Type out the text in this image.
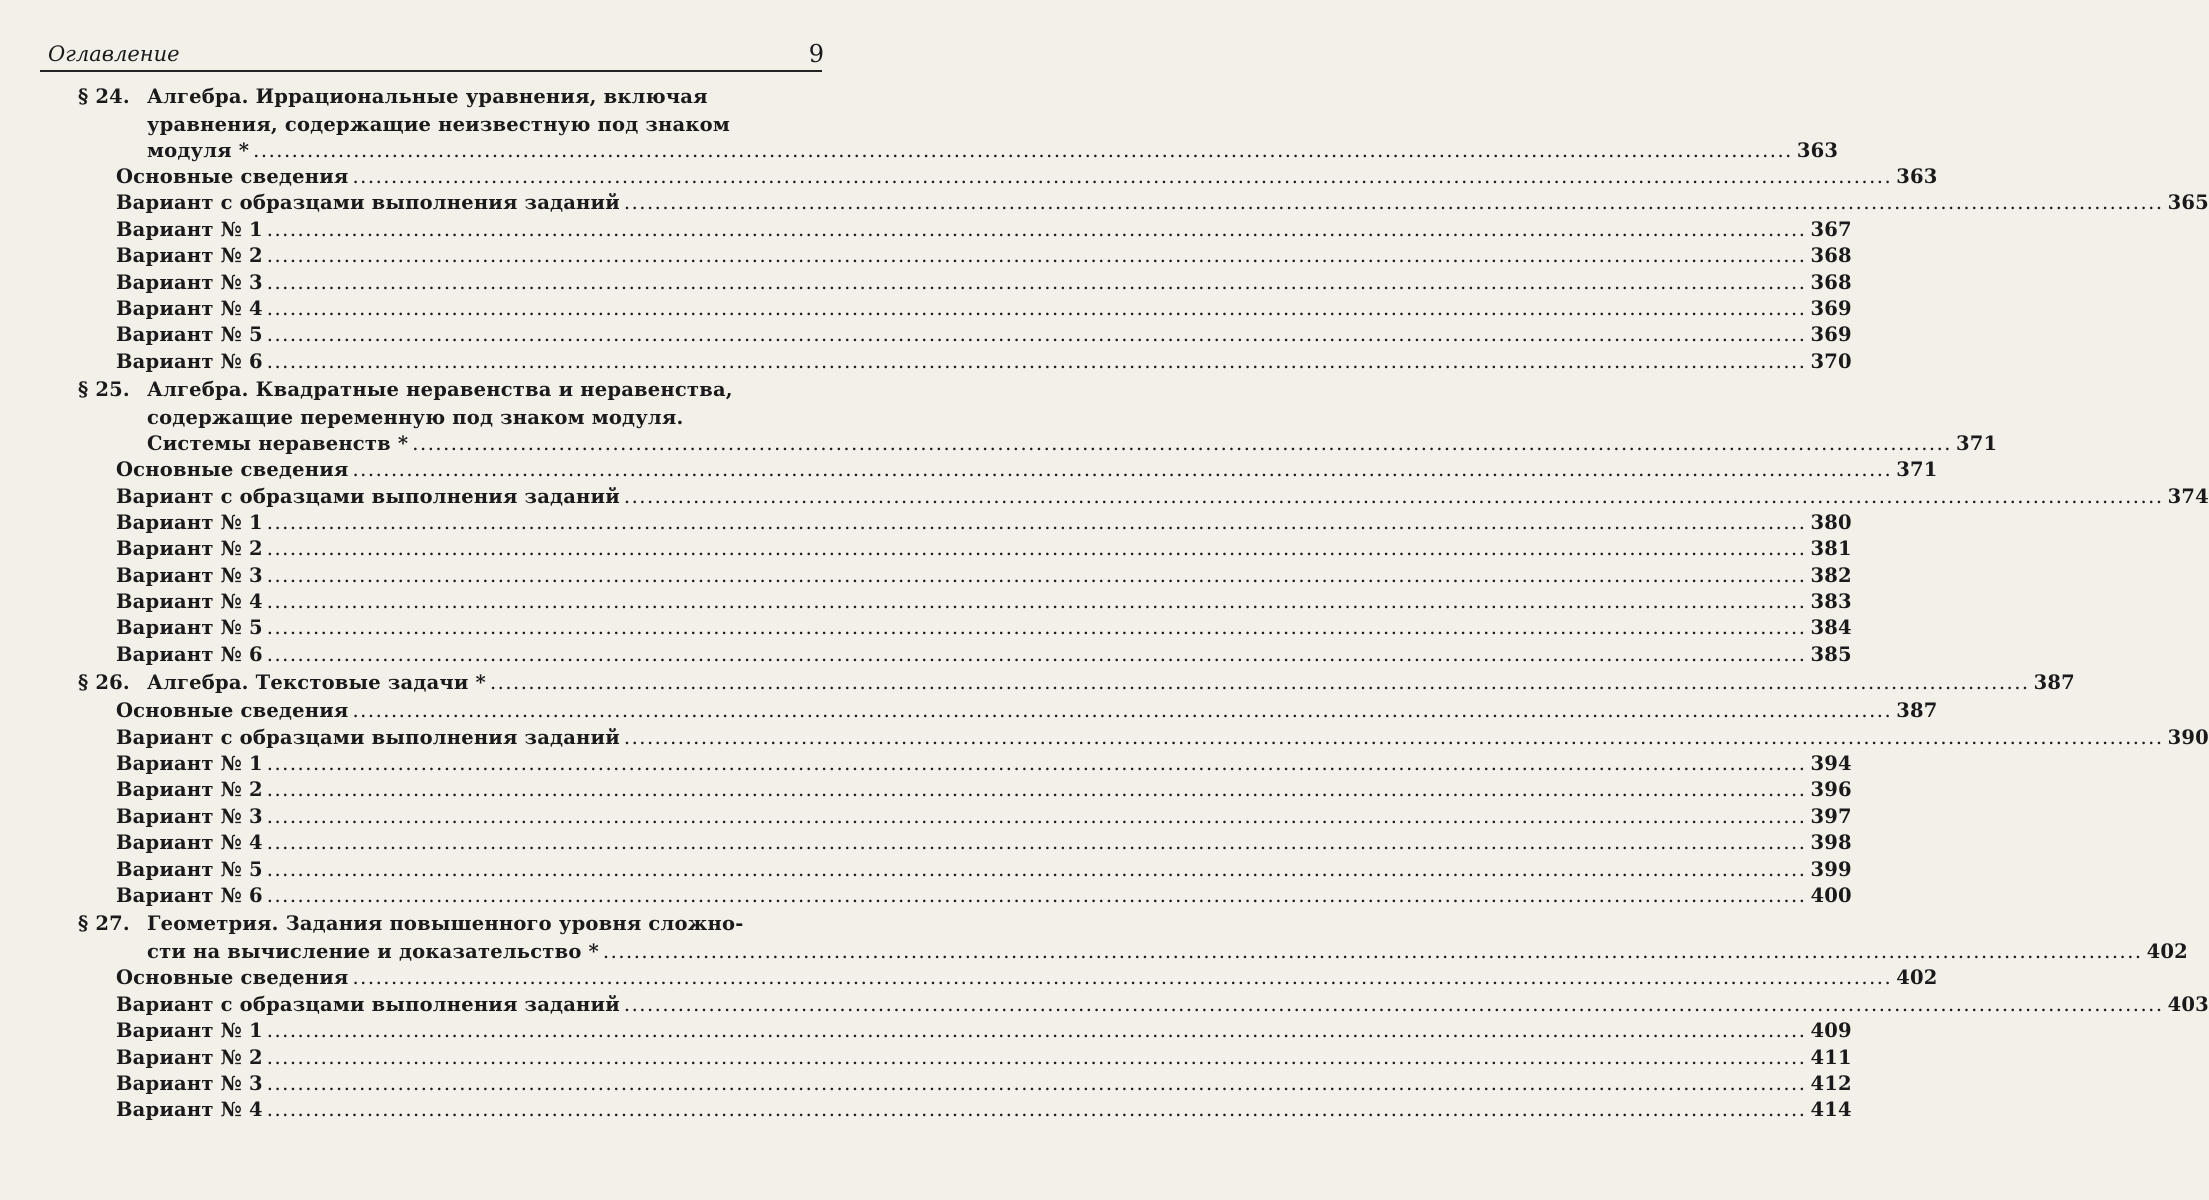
Оглавление	9
§ 24. Алгебра. Иррациональные уравнения, включая
уравнения, содержащие неизвестную под знаком
модуля * ........................................................................................................................................................................................................ 363
Основные сведения ........................................................................................................................................................................................................ 363
Вариант с образцами выполнения заданий ........................................................................................................................................................................................................ 365
Вариант № 1 ........................................................................................................................................................................................................ 367
Вариант № 2 ........................................................................................................................................................................................................ 368
Вариант № 3 ........................................................................................................................................................................................................ 368
Вариант № 4 ........................................................................................................................................................................................................ 369
Вариант № 5 ........................................................................................................................................................................................................ 369
Вариант № 6 ........................................................................................................................................................................................................ 370
§ 25. Алгебра. Квадратные неравенства и неравенства,
содержащие переменную под знаком модуля.
Системы неравенств * ........................................................................................................................................................................................................ 371
Основные сведения ........................................................................................................................................................................................................ 371
Вариант с образцами выполнения заданий ........................................................................................................................................................................................................ 374
Вариант № 1 ........................................................................................................................................................................................................ 380
Вариант № 2 ........................................................................................................................................................................................................ 381
Вариант № 3 ........................................................................................................................................................................................................ 382
Вариант № 4 ........................................................................................................................................................................................................ 383
Вариант № 5 ........................................................................................................................................................................................................ 384
Вариант № 6 ........................................................................................................................................................................................................ 385
§ 26. Алгебра. Текстовые задачи * ........................................................................................................................................................................................................ 387
Основные сведения ........................................................................................................................................................................................................ 387
Вариант с образцами выполнения заданий ........................................................................................................................................................................................................ 390
Вариант № 1 ........................................................................................................................................................................................................ 394
Вариант № 2 ........................................................................................................................................................................................................ 396
Вариант № 3 ........................................................................................................................................................................................................ 397
Вариант № 4 ........................................................................................................................................................................................................ 398
Вариант № 5 ........................................................................................................................................................................................................ 399
Вариант № 6 ........................................................................................................................................................................................................ 400
§ 27. Геометрия. Задания повышенного уровня сложно-
сти на вычисление и доказательство * ........................................................................................................................................................................................................ 402
Основные сведения ........................................................................................................................................................................................................ 402
Вариант с образцами выполнения заданий ........................................................................................................................................................................................................ 403
Вариант № 1 ........................................................................................................................................................................................................ 409
Вариант № 2 ........................................................................................................................................................................................................ 411
Вариант № 3 ........................................................................................................................................................................................................ 412
Вариант № 4 ........................................................................................................................................................................................................ 414
